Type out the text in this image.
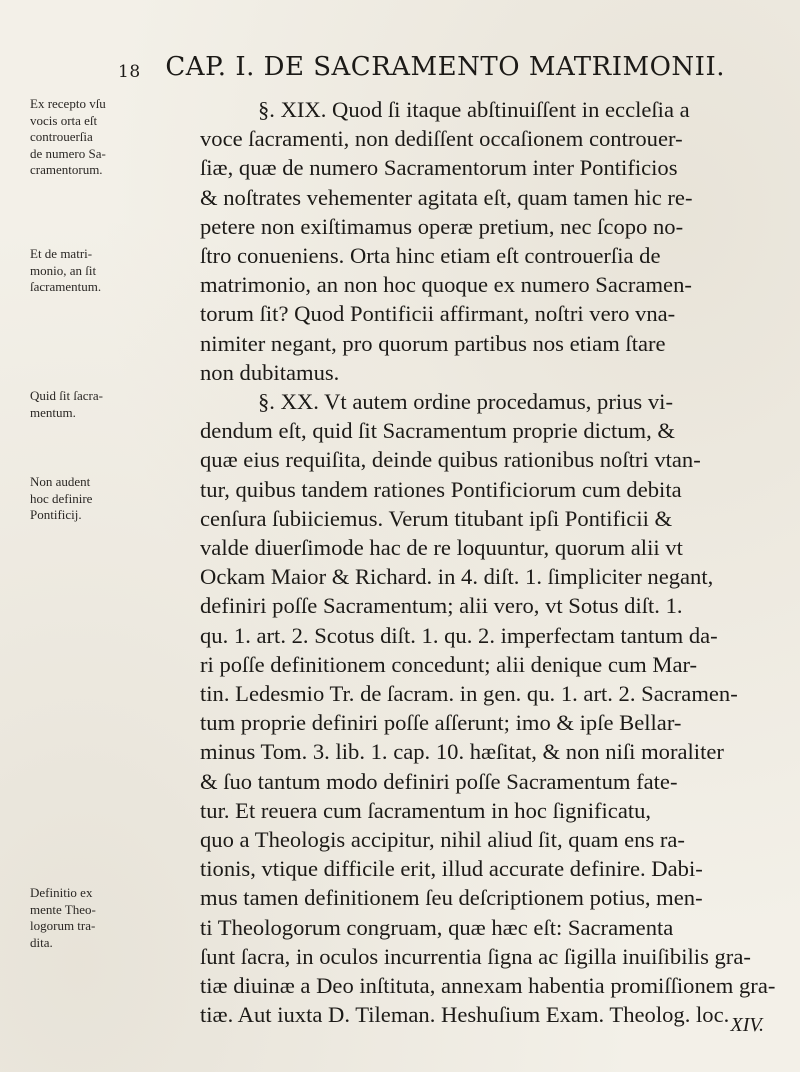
18 CAP. I. DE SACRAMENTO MATRIMONII.
Ex recepto vſu
vocis orta eſt
controuerſia
de numero Sa-
cramentorum.
Et de matri-
monio, an ſit
ſacramentum.
Quid ſit ſacra-
mentum.
Non audent
hoc definire
Pontificij.
Definitio ex
mente Theo-
logorum tra-
dita.
§. XIX. Quod ſi itaque abſtinuiſſent in eccleſia a
voce ſacramenti, non dediſſent occaſionem controuer-
ſiæ, quæ de numero Sacramentorum inter Pontificios
& noſtrates vehementer agitata eſt, quam tamen hic re-
petere non exiſtimamus operæ pretium, nec ſcopo no-
ſtro conueniens. Orta hinc etiam eſt controuerſia de
matrimonio, an non hoc quoque ex numero Sacramen-
torum ſit? Quod Pontificii affirmant, noſtri vero vna-
nimiter negant, pro quorum partibus nos etiam ſtare
non dubitamus.
§. XX. Vt autem ordine procedamus, prius vi-
dendum eſt, quid ſit Sacramentum proprie dictum, &
quæ eius requiſita, deinde quibus rationibus noſtri vtan-
tur, quibus tandem rationes Pontificiorum cum debita
cenſura ſubiiciemus. Verum titubant ipſi Pontificii &
valde diuerſimode hac de re loquuntur, quorum alii vt
Ockam Maior & Richard. in 4. diſt. 1. ſimpliciter negant,
definiri poſſe Sacramentum; alii vero, vt Sotus diſt. 1.
qu. 1. art. 2. Scotus diſt. 1. qu. 2. imperfectam tantum da-
ri poſſe definitionem concedunt; alii denique cum Mar-
tin. Ledesmio Tr. de ſacram. in gen. qu. 1. art. 2. Sacramen-
tum proprie definiri poſſe aſſerunt; imo & ipſe Bellar-
minus Tom. 3. lib. 1. cap. 10. hæſitat, & non niſi moraliter
& ſuo tantum modo definiri poſſe Sacramentum fate-
tur. Et reuera cum ſacramentum in hoc ſignificatu,
quo a Theologis accipitur, nihil aliud ſit, quam ens ra-
tionis, vtique difficile erit, illud accurate definire. Dabi-
mus tamen definitionem ſeu deſcriptionem potius, men-
ti Theologorum congruam, quæ hæc eſt: Sacramenta
ſunt ſacra, in oculos incurrentia ſigna ac ſigilla inuiſibilis gra-
tiæ diuinæ a Deo inſtituta, annexam habentia promiſſionem gra-
tiæ. Aut iuxta D. Tileman. Heshuſium Exam. Theolog. loc. XIV.
